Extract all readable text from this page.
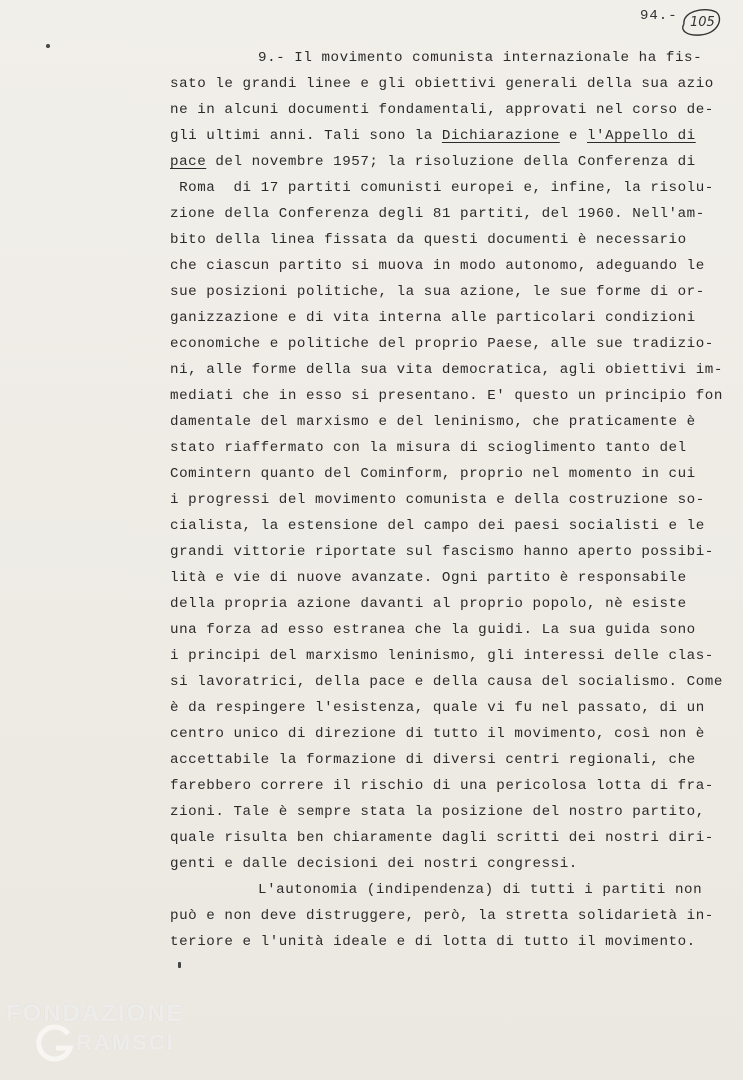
94.- 105
9.- Il movimento comunista internazionale ha fis-
sato le grandi linee e gli obiettivi generali della sua azio
ne in alcuni documenti fondamentali, approvati nel corso de-
gli ultimi anni. Tali sono la Dichiarazione e l'Appello di
pace del novembre 1957; la risoluzione della Conferenza di
Roma  di 17 partiti comunisti europei e, infine, la risolu-
zione della Conferenza degli 81 partiti, del 1960. Nell'am-
bito della linea fissata da questi documenti è necessario
che ciascun partito si muova in modo autonomo, adeguando le
sue posizioni politiche, la sua azione, le sue forme di or-
ganizzazione e di vita interna alle particolari condizioni
economiche e politiche del proprio Paese, alle sue tradizio-
ni, alle forme della sua vita democratica, agli obiettivi im-
mediati che in esso si presentano. E' questo un principio fon
damentale del marxismo e del leninismo, che praticamente è
stato riaffermato con la misura di scioglimento tanto del
Comintern quanto del Cominform, proprio nel momento in cui
i progressi del movimento comunista e della costruzione so-
cialista, la estensione del campo dei paesi socialisti e le
grandi vittorie riportate sul fascismo hanno aperto possibi-
lità e vie di nuove avanzate. Ogni partito è responsabile
della propria azione davanti al proprio popolo, nè esiste
una forza ad esso estranea che la guidi. La sua guida sono
i principi del marxismo leninismo, gli interessi delle clas-
si lavoratrici, della pace e della causa del socialismo. Come
è da respingere l'esistenza, quale vi fu nel passato, di un
centro unico di direzione di tutto il movimento, così non è
accettabile la formazione di diversi centri regionali, che
farebbero correre il rischio di una pericolosa lotta di fra-
zioni. Tale è sempre stata la posizione del nostro partito,
quale risulta ben chiaramente dagli scritti dei nostri diri-
genti e dalle decisioni dei nostri congressi.
L'autonomia (indipendenza) di tutti i partiti non
può e non deve distruggere, però, la stretta solidarietà in-
teriore e l'unità ideale e di lotta di tutto il movimento.
FONDAZIONE
RAMSCI
